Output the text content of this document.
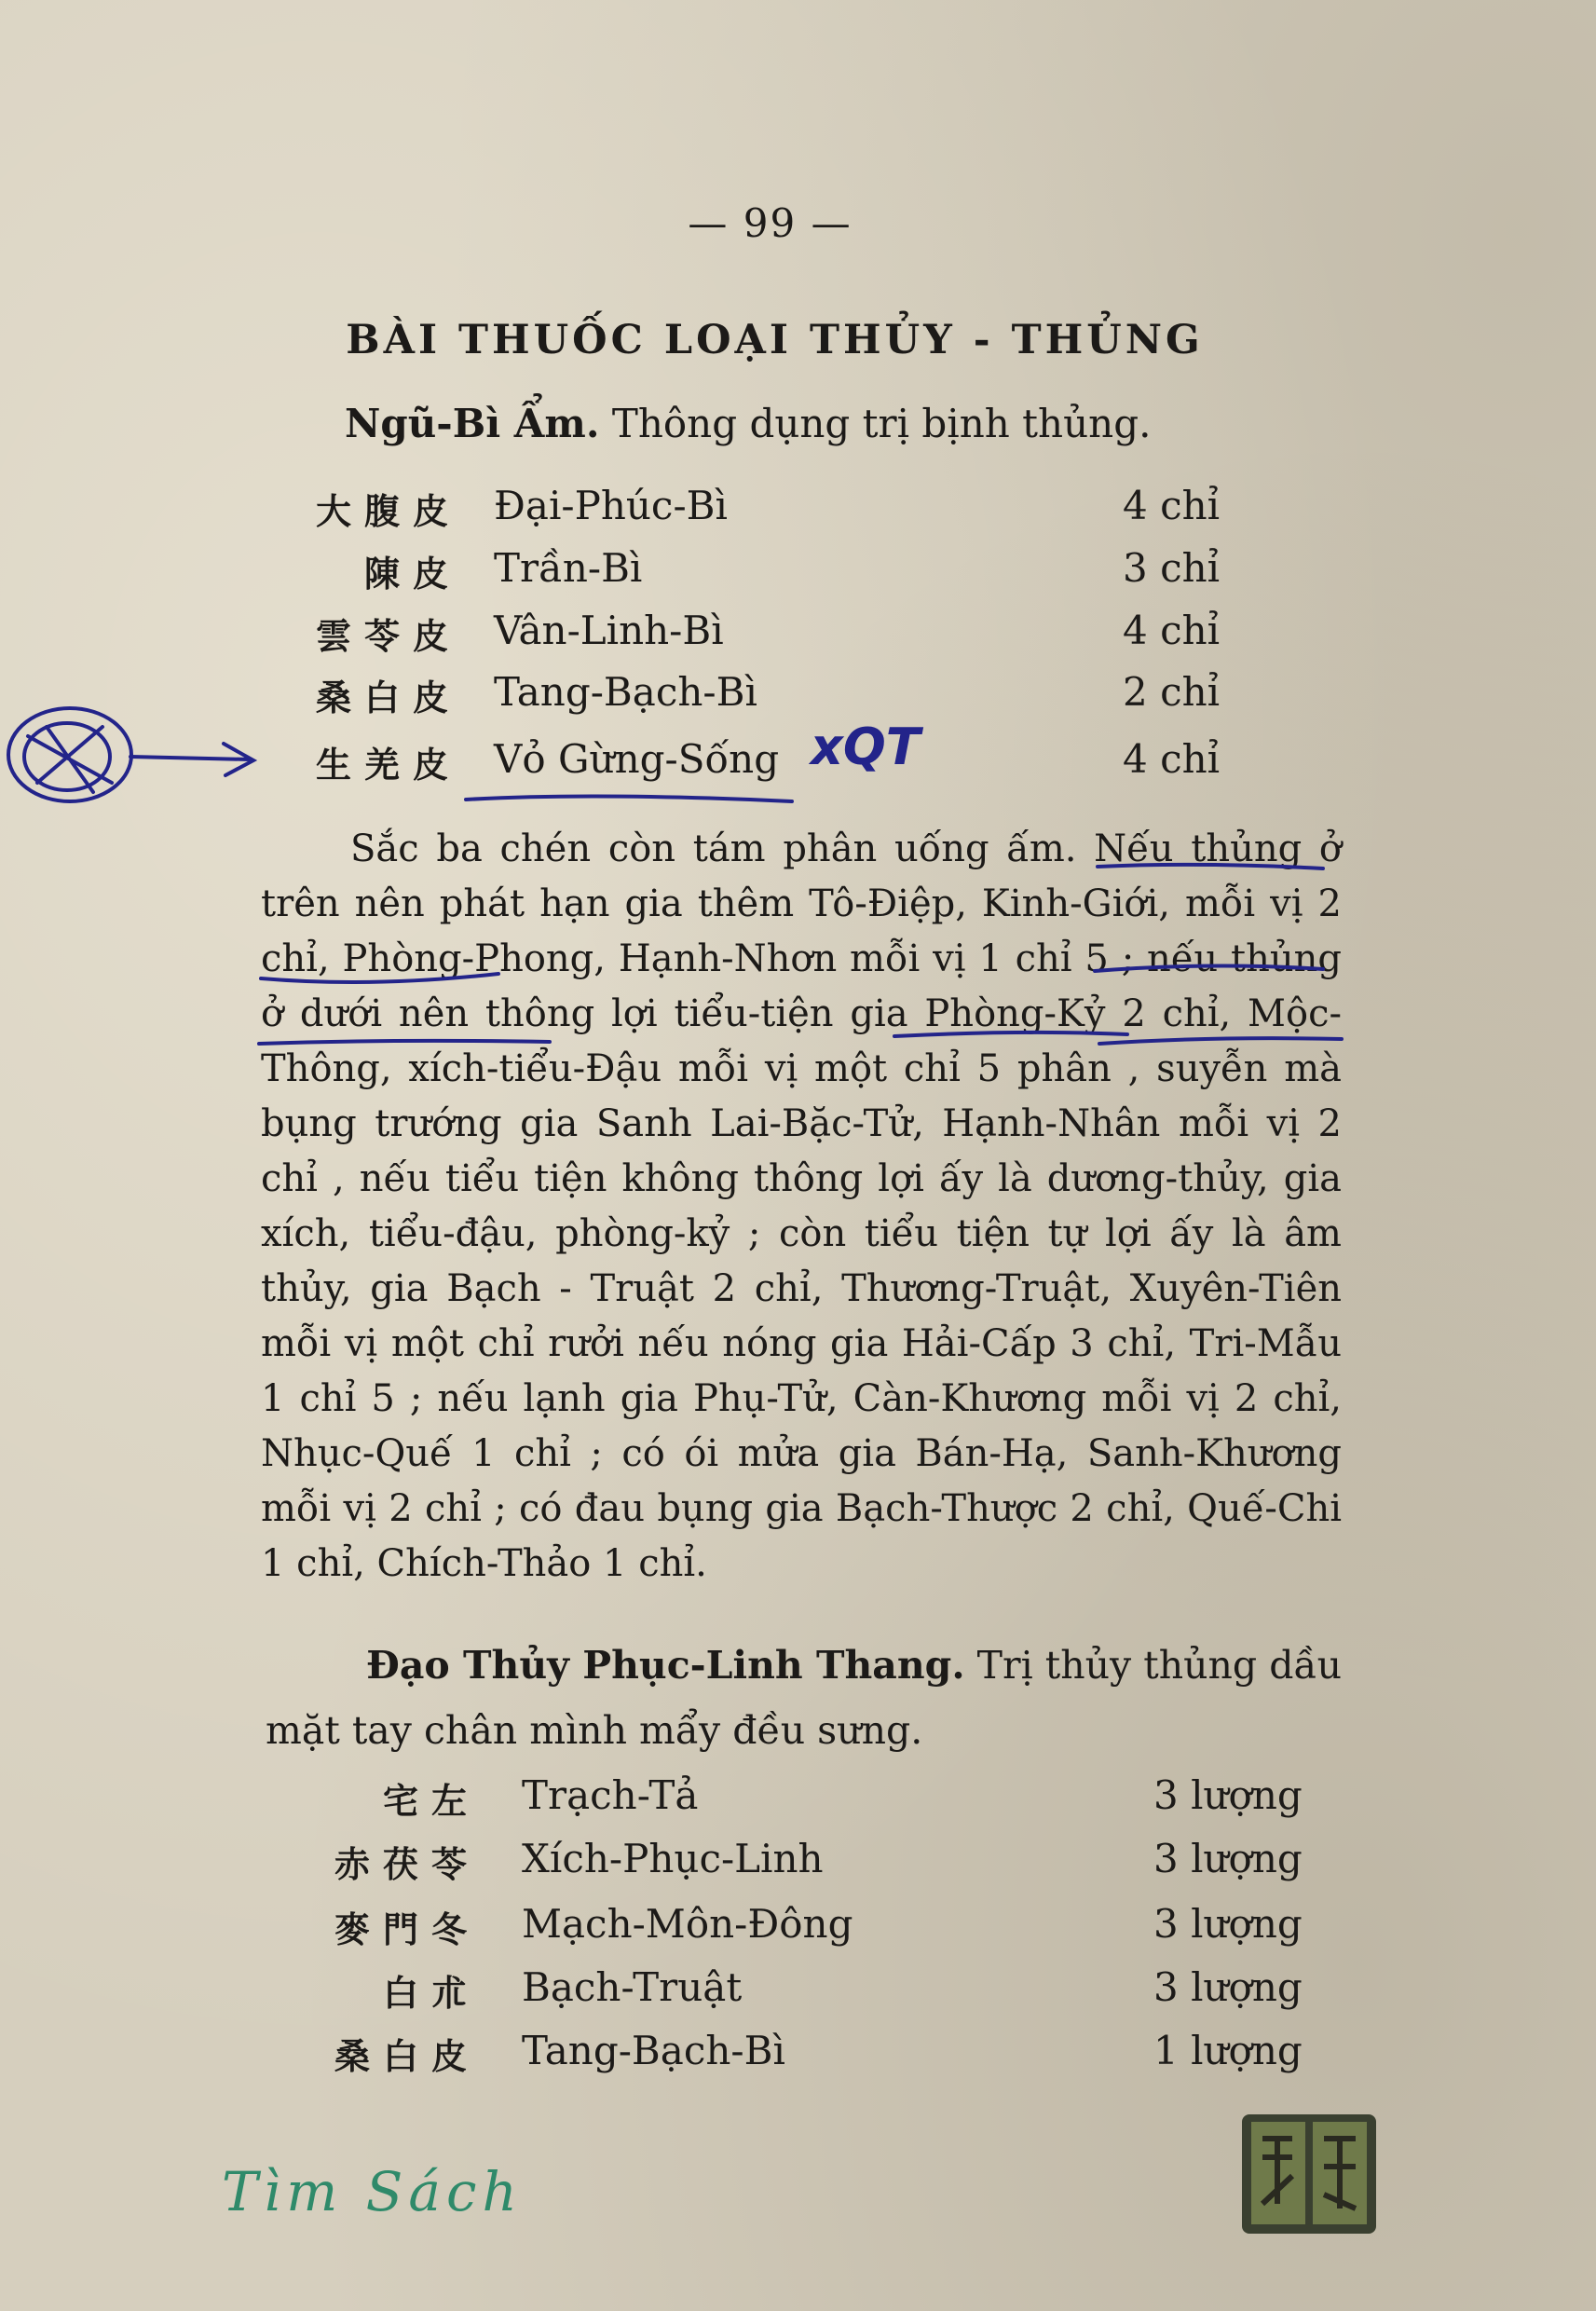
— 99 —
BÀI THUỐC LOẠI THỦY - THỦNG
Ngũ-Bì Ẩm. Thông dụng trị bịnh thủng.
大腹皮 Đại-Phúc-Bì	4 chỉ
陳皮 Trần-Bì	3 chỉ
雲苓皮 Vân-Linh-Bì	4 chỉ
桑白皮 Tang-Bạch-Bì	2 chỉ
生羌皮 Vỏ Gừng-Sống	4 chỉ
Sắc ba chén còn tám phân uống ấm. Nếu thủng ở trên nên phát hạn gia thêm Tô-Điệp, Kinh-Giới, mỗi vị 2 chỉ, Phòng-Phong, Hạnh-Nhơn mỗi vị 1 chỉ 5 ; nếu thủng ở dưới nên thông lợi tiểu-tiện gia Phòng-Kỷ 2 chỉ, Mộc-Thông, xích-tiểu-Đậu mỗi vị một chỉ 5 phân , suyễn mà bụng trướng gia Sanh Lai-Bặc-Tử, Hạnh-Nhân mỗi vị 2 chỉ , nếu tiểu tiện không thông lợi ấy là dương-thủy, gia xích, tiểu-đậu, phòng-kỷ ; còn tiểu tiện tự lợi ấy là âm thủy, gia Bạch - Truật 2 chỉ, Thương-Truật, Xuyên-Tiên mỗi vị một chỉ rưởi nếu nóng gia Hải-Cấp 3 chỉ, Tri-Mẫu 1 chỉ 5 ; nếu lạnh gia Phụ-Tử, Càn-Khương mỗi vị 2 chỉ, Nhục-Quế 1 chỉ ; có ói mửa gia Bán-Hạ, Sanh-Khương mỗi vị 2 chỉ ; có đau bụng gia Bạch-Thược 2 chỉ, Quế-Chi 1 chỉ, Chích-Thảo 1 chỉ.
Đạo Thủy Phục-Linh Thang. Trị thủy thủng dầu mặt tay chân mình mẩy đều sưng.
宅左 Trạch-Tả	3 lượng
赤茯苓 Xích-Phục-Linh	3 lượng
麥門冬 Mạch-Môn-Đông	3 lượng
白朮 Bạch-Truật	3 lượng
桑白皮 Tang-Bạch-Bì	1 lượng
xQT
Tìm Sách
